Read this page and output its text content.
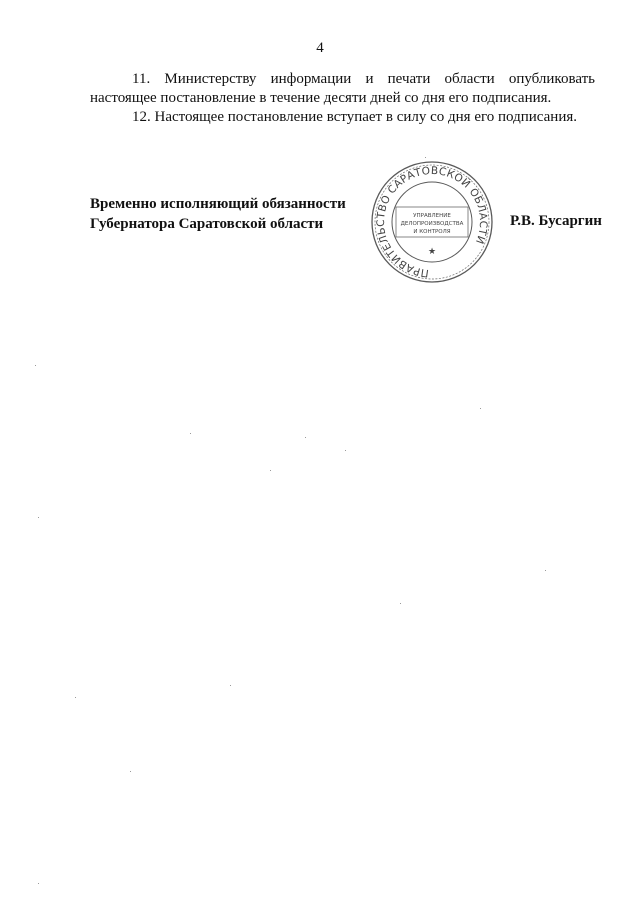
4

11. Министерству информации и печати области опубликовать настоящее постановление в течение десяти дней со дня его подписания.

12. Настоящее постановление вступает в силу со дня его подписания.

Временно исполняющий обязанности
Губернатора Саратовской области
ПРАВИТЕЛЬСТВО САРАТОВСКОЙ ОБЛАСТИ
УПРАВЛЕНИЕ
ДЕЛОПРОИЗВОДСТВА
И КОНТРОЛЯ
★
Р.В. Бусаргин
